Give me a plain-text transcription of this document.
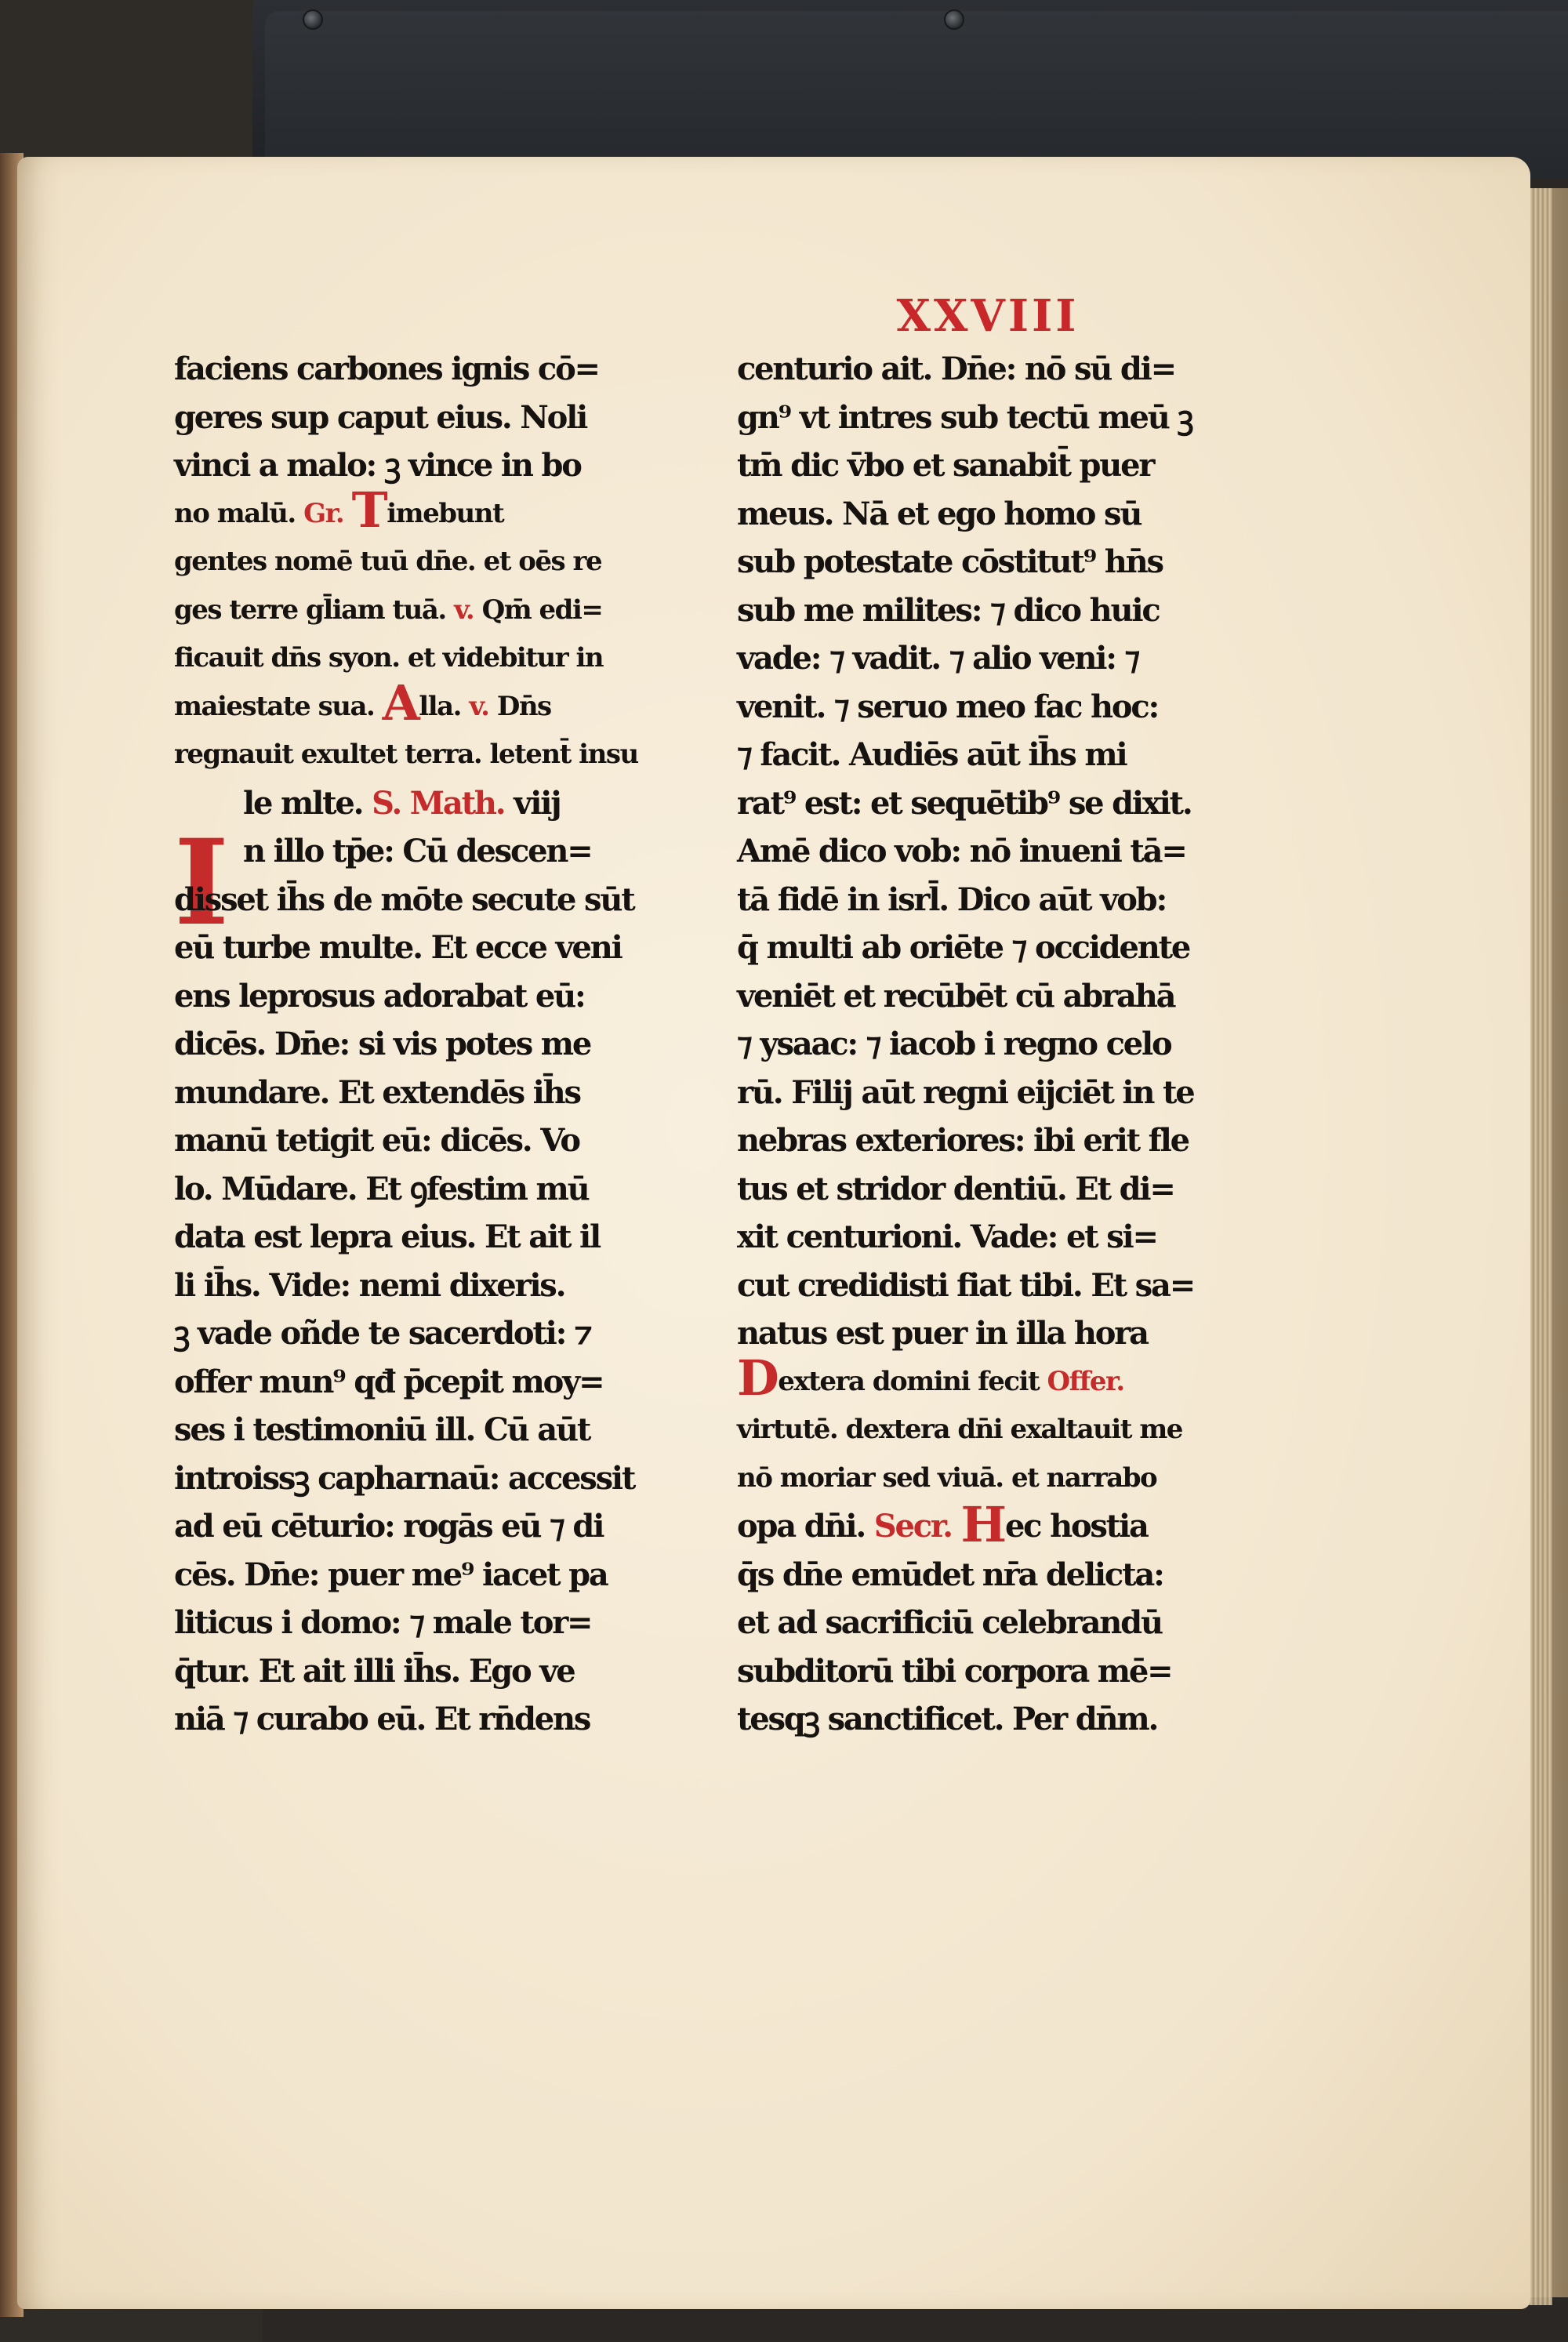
XXVIII
I
faciens carbones ignis cō=
geres sup caput eius. Noli
vinci a malo: ꝫ vince in bo
no malū. Gr. Timebunt
gentes nomē tuū dn̄e. et oēs re
ges terre gl̄iam tuā. v. Qm̄ edi=
ficauit dn̄s syon. et videbitur in
maiestate sua. Alla. v. Dn̄s
regnauit exultet terra. letent̄ insu
le mlte. S. Math. viij
n illo tp̄e: Cū descen=
disset ih̄s de mōte secute sūt
eū turbe multe. Et ecce veni
ens leprosus adorabat eū:
dicēs. Dn̄e: si vis potes me
mundare. Et extendēs ih̄s
manū tetigit eū: dicēs. Vo
lo. Mūdare. Et ꝯfestim mū
data est lepra eius. Et ait il
li ih̄s. Vide: nemi dixeris.
ꝫ vade oñde te sacerdoti: ⁊
offer mun⁹ qđ p̄cepit moy=
ses i testimoniū ill. Cū aūt
introissꝫ capharnaū: accessit
ad eū cēturio: rogās eū ⁊ di
cēs. Dn̄e: puer me⁹ iacet pa
liticus i domo: ⁊ male tor=
q̄tur. Et ait illi ih̄s. Ego ve
niā ⁊ curabo eū. Et rn̄dens
centurio ait. Dn̄e: nō sū di=
gn⁹ vt intres sub tectū meū ꝫ
tm̄ dic v̄bo et sanabit̄ puer
meus. Nā et ego homo sū
sub potestate cōstitut⁹ hn̄s
sub me milites: ⁊ dico huic
vade: ⁊ vadit. ⁊ alio veni: ⁊
venit. ⁊ seruo meo fac hoc:
⁊ facit. Audiēs aūt ih̄s mi
rat⁹ est: et sequētib⁹ se dixit.
Amē dico vob: nō inueni tā=
tā fidē in isrl̄. Dico aūt vob:
q̄ multi ab oriēte ⁊ occidente
veniēt et recūbēt cū abrahā
⁊ ysaac: ⁊ iacob i regno celo
rū. Filij aūt regni eijciēt in te
nebras exteriores: ibi erit fle
tus et stridor dentiū. Et di=
xit centurioni. Vade: et si=
cut credidisti fiat tibi. Et sa=
natus est puer in illa hora
Dextera domini fecit Offer.
virtutē. dextera dn̄i exaltauit me
nō moriar sed viuā. et narrabo
opa dn̄i. Secr. Hec hostia
q̄s dn̄e emūdet nr̄a delicta:
et ad sacrificiū celebrandū
subditorū tibi corpora mē=
tesqꝫ sanctificet. Per dn̄m.
